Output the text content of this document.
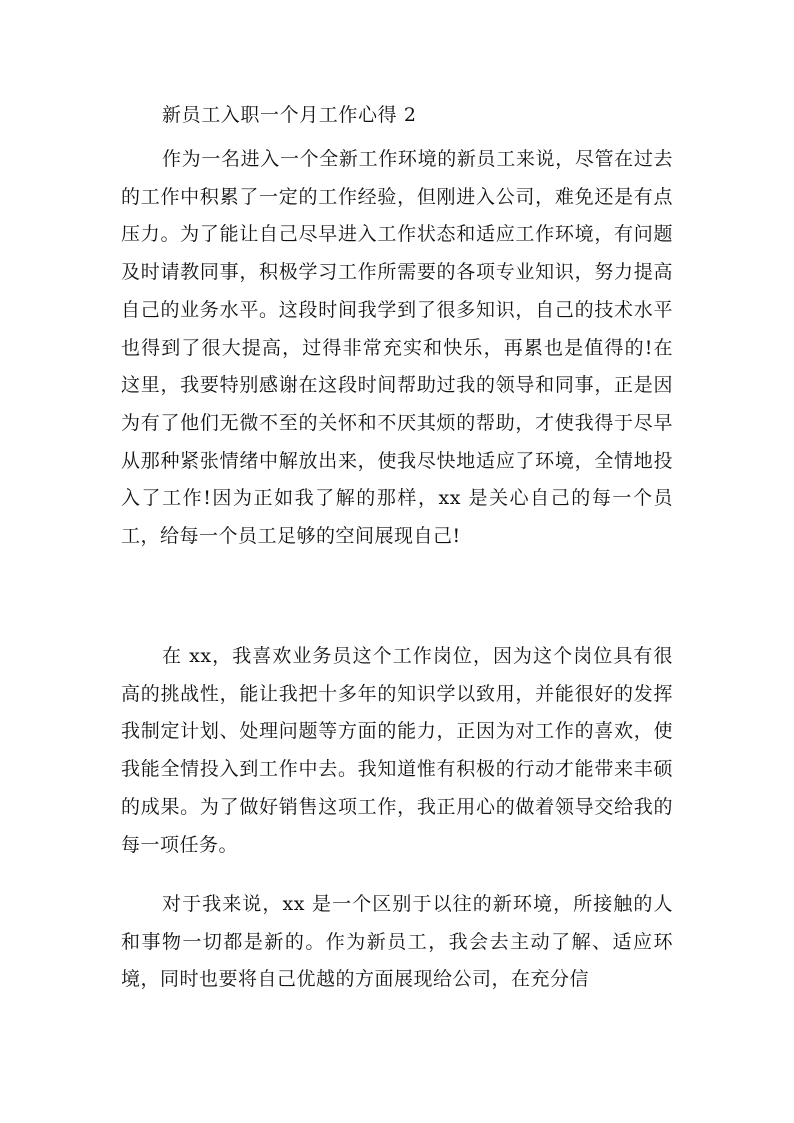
新员工入职一个月工作心得 2

作为一名进入一个全新工作环境的新员工来说，尽管在过去的工作中积累了一定的工作经验，但刚进入公司，难免还是有点压力。为了能让自己尽早进入工作状态和适应工作环境，有问题及时请教同事，积极学习工作所需要的各项专业知识，努力提高自己的业务水平。这段时间我学到了很多知识，自己的技术水平也得到了很大提高，过得非常充实和快乐，再累也是值得的!在这里，我要特别感谢在这段时间帮助过我的领导和同事，正是因为有了他们无微不至的关怀和不厌其烦的帮助，才使我得于尽早从那种紧张情绪中解放出来，使我尽快地适应了环境，全情地投入了工作!因为正如我了解的那样，xx 是关心自己的每一个员工，给每一个员工足够的空间展现自己!

在 xx，我喜欢业务员这个工作岗位，因为这个岗位具有很高的挑战性，能让我把十多年的知识学以致用，并能很好的发挥我制定计划、处理问题等方面的能力，正因为对工作的喜欢，使我能全情投入到工作中去。我知道惟有积极的行动才能带来丰硕的成果。为了做好销售这项工作，我正用心的做着领导交给我的每一项任务。

对于我来说，xx 是一个区别于以往的新环境，所接触的人和事物一切都是新的。作为新员工，我会去主动了解、适应环境，同时也要将自己优越的方面展现给公司，在充分信
